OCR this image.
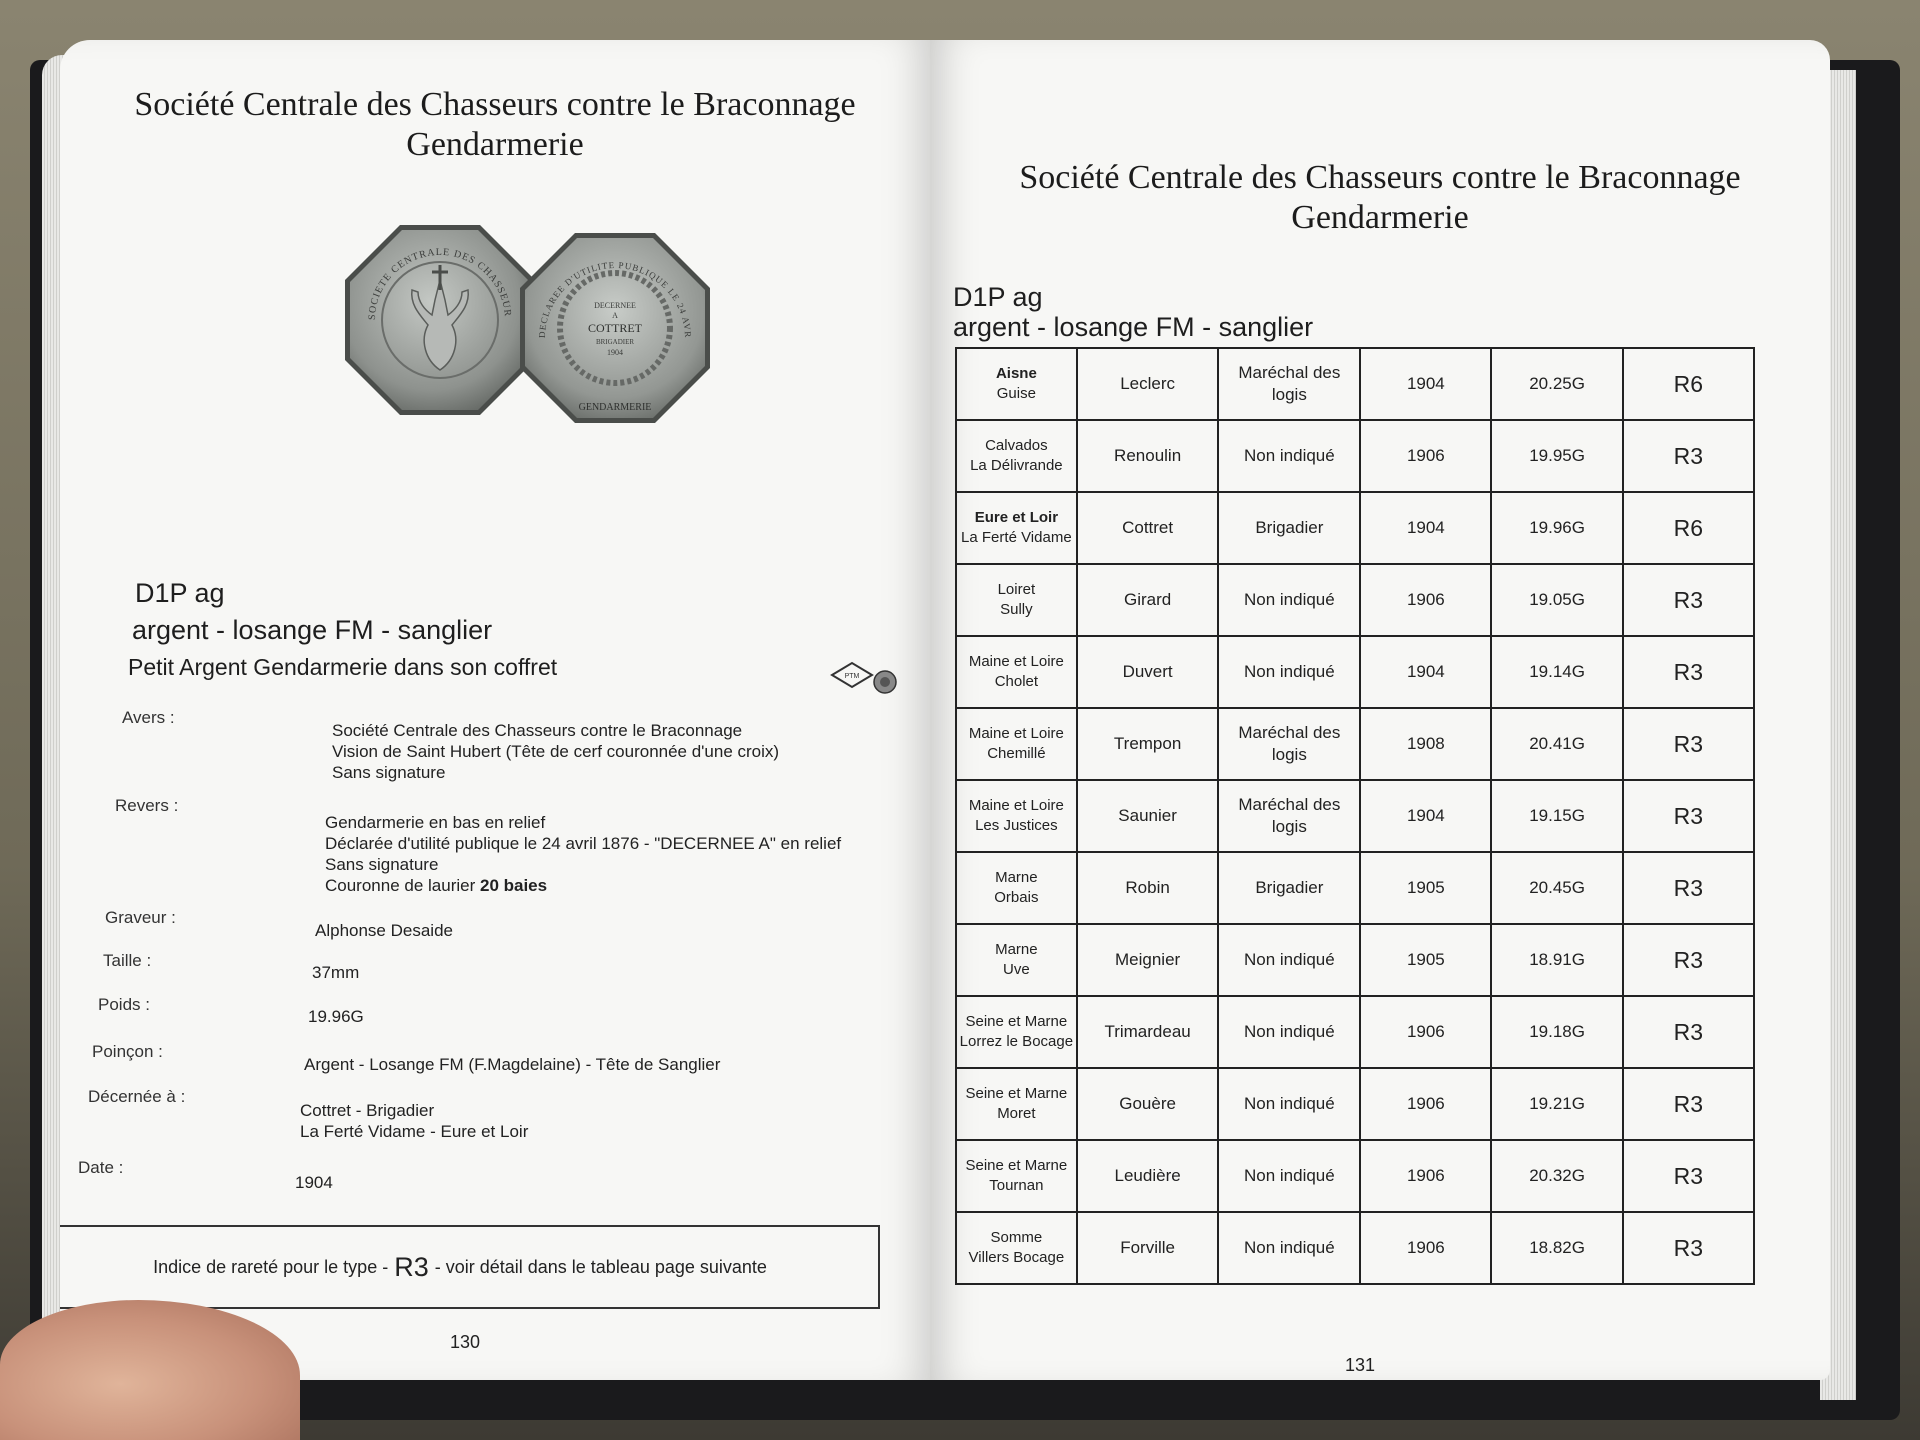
Société Centrale des Chasseurs contre le Braconnage
Gendarmerie
SOCIETE CENTRALE DES CHASSEUR
DECLAREE D'UTILITE PUBLIQUE LE 24 AVR
DECERNEE
A
COTTRET
BRIGADIER
1904
GENDARMERIE
D1P ag
argent - losange FM - sanglier
Petit Argent Gendarmerie dans son coffret	PTM
Avers :
Société Centrale des Chasseurs contre le Braconnage
Vision de Saint Hubert (Tête de cerf couronnée d'une croix)
Sans signature
Revers :
Gendarmerie en bas en relief
Déclarée d'utilité publique le 24 avril 1876 - "DECERNEE A" en relief
Sans signature
Couronne de laurier 20 baies
Graveur :
Alphonse Desaide
Taille :
37mm
Poids :
19.96G
Poinçon :
Argent - Losange FM (F.Magdelaine) - Tête de Sanglier
Décernée à :
Cottret - Brigadier
La Ferté Vidame - Eure et Loir
Date :
1904
Indice de rareté pour le type - R3 - voir détail dans le tableau page suivante
130
Société Centrale des Chasseurs contre le Braconnage
Gendarmerie
D1P ag
argent - losange FM - sanglier
Aisne
Guise	Leclerc	Maréchal des logis	1904	20.25G	R6

Calvados
La Délivrande	Renoulin	Non indiqué	1906	19.95G	R3

Eure et Loir
La Ferté Vidame	Cottret	Brigadier	1904	19.96G	R6

Loiret
Sully	Girard	Non indiqué	1906	19.05G	R3

Maine et Loire
Cholet	Duvert	Non indiqué	1904	19.14G	R3

Maine et Loire
Chemillé	Trempon	Maréchal des logis	1908	20.41G	R3

Maine et Loire
Les Justices	Saunier	Maréchal des logis	1904	19.15G	R3

Marne
Orbais	Robin	Brigadier	1905	20.45G	R3

Marne
Uve	Meignier	Non indiqué	1905	18.91G	R3

Seine et Marne
Lorrez le Bocage	Trimardeau	Non indiqué	1906	19.18G	R3

Seine et Marne
Moret	Gouère	Non indiqué	1906	19.21G	R3

Seine et Marne
Tournan	Leudière	Non indiqué	1906	20.32G	R3

Somme
Villers Bocage	Forville	Non indiqué	1906	18.82G	R3
131
